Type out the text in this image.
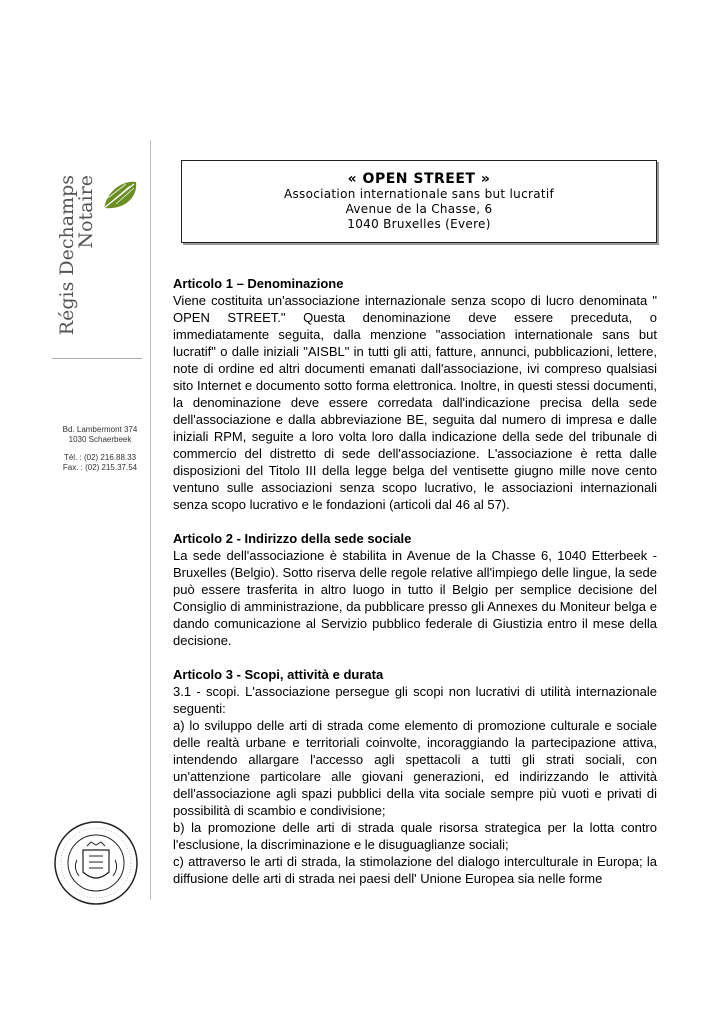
Régis Dechamps
Notaire
Bd. Lambermont 374
1030 Schaerbeek
Tél. : (02) 216.88.33
Fax. : (02) 215.37.54
« OPEN STREET »
Association internationale sans but lucratif
Avenue de la Chasse, 6
1040 Bruxelles (Evere)
Articolo 1 – Denominazione

Viene costituita un'associazione internazionale senza scopo di lucro denominata " OPEN STREET." Questa denominazione deve essere preceduta, o immediatamente seguita, dalla menzione "association internationale sans but lucratif" o dalle iniziali "AISBL" in tutti gli atti, fatture, annunci, pubblicazioni, lettere, note di ordine ed altri documenti emanati dall'associazione, ivi compreso qualsiasi sito Internet e documento sotto forma elettronica. Inoltre, in questi stessi documenti, la denominazione deve essere corredata dall'indicazione precisa della sede dell'associazione e dalla abbreviazione BE, seguita dal numero di impresa e dalle iniziali RPM, seguite a loro volta loro dalla indicazione della sede del tribunale di commercio del distretto di sede dell'associazione. L'associazione è retta dalle disposizioni del Titolo III della legge belga del ventisette giugno mille nove cento ventuno sulle associazioni senza scopo lucrativo, le associazioni internazionali senza scopo lucrativo e le fondazioni (articoli dal 46 al 57).

Articolo 2 - Indirizzo della sede sociale

La sede dell'associazione è stabilita in Avenue de la Chasse 6, 1040 Etterbeek - Bruxelles (Belgio). Sotto riserva delle regole relative all'impiego delle lingue, la sede può essere trasferita in altro luogo in tutto il Belgio per semplice decisione del Consiglio di amministrazione, da pubblicare presso gli Annexes du Moniteur belga e dando comunicazione al Servizio pubblico federale di Giustizia entro il mese della decisione.

Articolo 3 - Scopi, attività e durata

3.1 - scopi. L'associazione persegue gli scopi non lucrativi di utilità internazionale seguenti:

a) lo sviluppo delle arti di strada come elemento di promozione culturale e sociale delle realtà urbane e territoriali coinvolte, incoraggiando la partecipazione attiva, intendendo allargare l'accesso agli spettacoli a tutti gli strati sociali, con un'attenzione particolare alle giovani generazioni, ed indirizzando le attività dell'associazione agli spazi pubblici della vita sociale sempre più vuoti e privati di possibilità di scambio e condivisione;

b) la promozione delle arti di strada quale risorsa strategica per la lotta contro l'esclusione, la discriminazione e le disuguaglianze sociali;

c) attraverso le arti di strada, la stimolazione del dialogo interculturale in Europa; la diffusione delle arti di strada nei paesi dell' Unione Europea sia nelle forme
